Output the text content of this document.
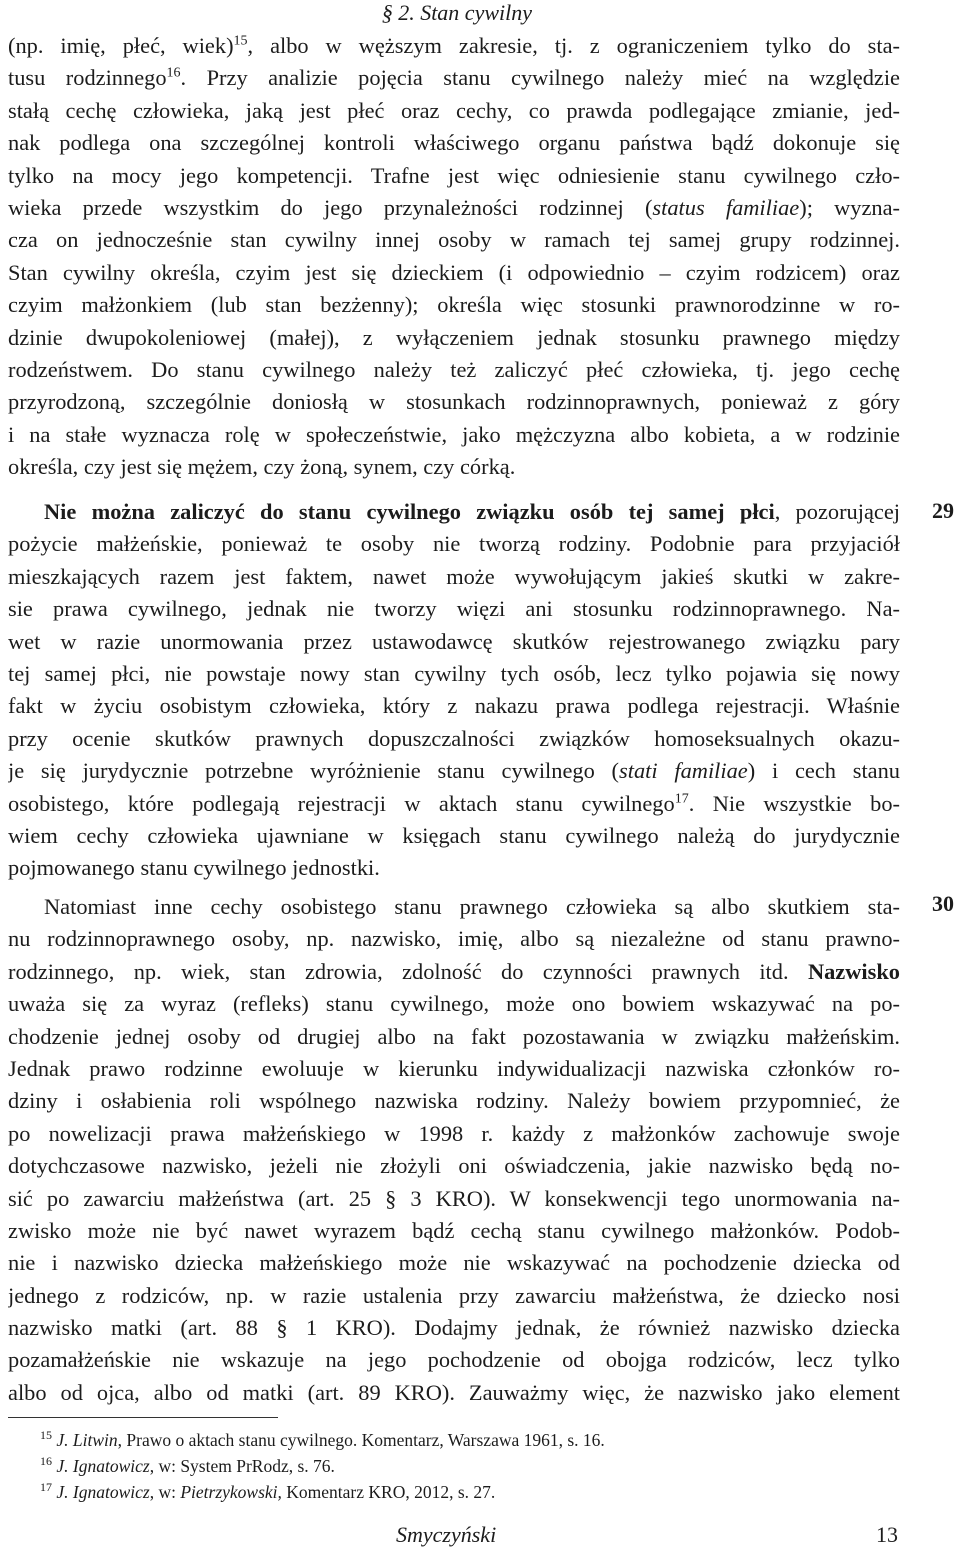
§ 2. Stan cywilny
(np. imię, płeć, wiek)$^{15}$, albo w węższym zakresie, tj. z ograniczeniem tylko do sta-
tusu rodzinnego$^{16}$. Przy analizie pojęcia stanu cywilnego należy mieć na względzie
stałą cechę człowieka, jaką jest płeć oraz cechy, co prawda podlegające zmianie, jed-
nak podlega ona szczególnej kontroli właściwego organu państwa bądź dokonuje się
tylko na mocy jego kompetencji. Trafne jest więc odniesienie stanu cywilnego czło-
wieka przede wszystkim do jego przynależności rodzinnej (status familiae); wyzna-
cza on jednocześnie stan cywilny innej osoby w ramach tej samej grupy rodzinnej.
Stan cywilny określa, czyim jest się dzieckiem (i odpowiednio – czyim rodzicem) oraz
czyim małżonkiem (lub stan bezżenny); określa więc stosunki prawnorodzinne w ro-
dzinie dwupokoleniowej (małej), z wyłączeniem jednak stosunku prawnego między
rodzeństwem. Do stanu cywilnego należy też zaliczyć płeć człowieka, tj. jego cechę
przyrodzoną, szczególnie doniosłą w stosunkach rodzinnoprawnych, ponieważ z góry
i na stałe wyznacza rolę w społeczeństwie, jako mężczyzna albo kobieta, a w rodzinie
określa, czy jest się mężem, czy żoną, synem, czy córką.
Nie można zaliczyć do stanu cywilnego związku osób tej samej płci, pozorującej
pożycie małżeńskie, ponieważ te osoby nie tworzą rodziny. Podobnie para przyjaciół
mieszkających razem jest faktem, nawet może wywołującym jakieś skutki w zakre-
sie prawa cywilnego, jednak nie tworzy więzi ani stosunku rodzinnoprawnego. Na-
wet w razie unormowania przez ustawodawcę skutków rejestrowanego związku pary
tej samej płci, nie powstaje nowy stan cywilny tych osób, lecz tylko pojawia się nowy
fakt w życiu osobistym człowieka, który z nakazu prawa podlega rejestracji. Właśnie
przy ocenie skutków prawnych dopuszczalności związków homoseksualnych okazu-
je się jurydycznie potrzebne wyróżnienie stanu cywilnego (stati familiae) i cech stanu
osobistego, które podlegają rejestracji w aktach stanu cywilnego$^{17}$. Nie wszystkie bo-
wiem cechy człowieka ujawniane w księgach stanu cywilnego należą do jurydycznie
pojmowanego stanu cywilnego jednostki.
Natomiast inne cechy osobistego stanu prawnego człowieka są albo skutkiem sta-
nu rodzinnoprawnego osoby, np. nazwisko, imię, albo są niezależne od stanu prawno-
rodzinnego, np. wiek, stan zdrowia, zdolność do czynności prawnych itd. Nazwisko
uważa się za wyraz (refleks) stanu cywilnego, może ono bowiem wskazywać na po-
chodzenie jednej osoby od drugiej albo na fakt pozostawania w związku małżeńskim.
Jednak prawo rodzinne ewoluuje w kierunku indywidualizacji nazwiska członków ro-
dziny i osłabienia roli wspólnego nazwiska rodziny. Należy bowiem przypomnieć, że
po nowelizacji prawa małżeńskiego w 1998 r. każdy z małżonków zachowuje swoje
dotychczasowe nazwisko, jeżeli nie złożyli oni oświadczenia, jakie nazwisko będą no-
sić po zawarciu małżeństwa (art. 25 § 3 KRO). W konsekwencji tego unormowania na-
zwisko może nie być nawet wyrazem bądź cechą stanu cywilnego małżonków. Podob-
nie i nazwisko dziecka małżeńskiego może nie wskazywać na pochodzenie dziecka od
jednego z rodziców, np. w razie ustalenia przy zawarciu małżeństwa, że dziecko nosi
nazwisko matki (art. 88 § 1 KRO). Dodajmy jednak, że również nazwisko dziecka
pozamałżeńskie nie wskazuje na jego pochodzenie od obojga rodziców, lecz tylko
albo od ojca, albo od matki (art. 89 KRO). Zauważmy więc, że nazwisko jako element
29
30
$^{15}$ J. Litwin, Prawo o aktach stanu cywilnego. Komentarz, Warszawa 1961, s. 16.
$^{16}$ J. Ignatowicz, w: System PrRodz, s. 76.
$^{17}$ J. Ignatowicz, w: Pietrzykowski, Komentarz KRO, 2012, s. 27.
Smyczyński	13
